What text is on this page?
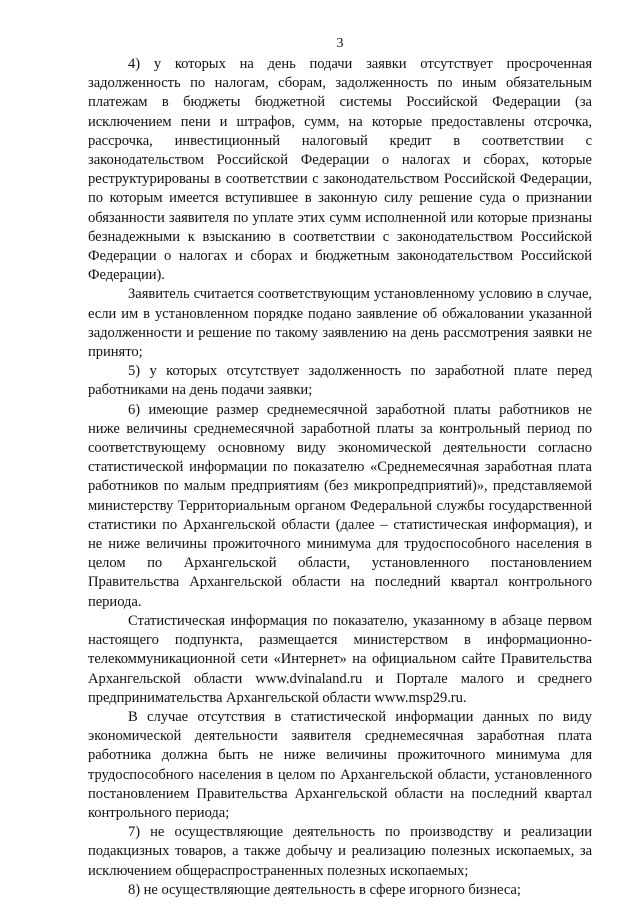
3

4) у которых на день подачи заявки отсутствует просроченная задолженность по налогам, сборам, задолженность по иным обязательным платежам в бюджеты бюджетной системы Российской Федерации (за исключением пени и штрафов, сумм, на которые предоставлены отсрочка, рассрочка, инвестиционный налоговый кредит в соответствии с законодательством Российской Федерации о налогах и сборах, которые реструктурированы в соответствии с законодательством Российской Федерации, по которым имеется вступившее в законную силу решение суда о признании обязанности заявителя по уплате этих сумм исполненной или которые признаны безнадежными к взысканию в соответствии с законодательством Российской Федерации о налогах и сборах и бюджетным законодательством Российской Федерации).

Заявитель считается соответствующим установленному условию в случае, если им в установленном порядке подано заявление об обжаловании указанной задолженности и решение по такому заявлению на день рассмотрения заявки не принято;

5) у которых отсутствует задолженность по заработной плате перед работниками на день подачи заявки;

6) имеющие размер среднемесячной заработной платы работников не ниже величины среднемесячной заработной платы за контрольный период по соответствующему основному виду экономической деятельности согласно статистической информации по показателю «Среднемесячная заработная плата работников по малым предприятиям (без микропредприятий)», представляемой министерству Территориальным органом Федеральной службы государственной статистики по Архангельской области (далее – статистическая информация), и не ниже величины прожиточного минимума для трудоспособного населения в целом по Архангельской области, установленного постановлением Правительства Архангельской области на последний квартал контрольного периода.

Статистическая информация по показателю, указанному в абзаце первом настоящего подпункта, размещается министерством в информационно-телекоммуникационной сети «Интернет» на официальном сайте Правительства Архангельской области www.dvinaland.ru и Портале малого и среднего предпринимательства Архангельской области www.msp29.ru.

В случае отсутствия в статистической информации данных по виду экономической деятельности заявителя среднемесячная заработная плата работника должна быть не ниже величины прожиточного минимума для трудоспособного населения в целом по Архангельской области, установленного постановлением Правительства Архангельской области на последний квартал контрольного периода;

7) не осуществляющие деятельность по производству и реализации подакцизных товаров, а также добычу и реализацию полезных ископаемых, за исключением общераспространенных полезных ископаемых;

8) не осуществляющие деятельность в сфере игорного бизнеса;
